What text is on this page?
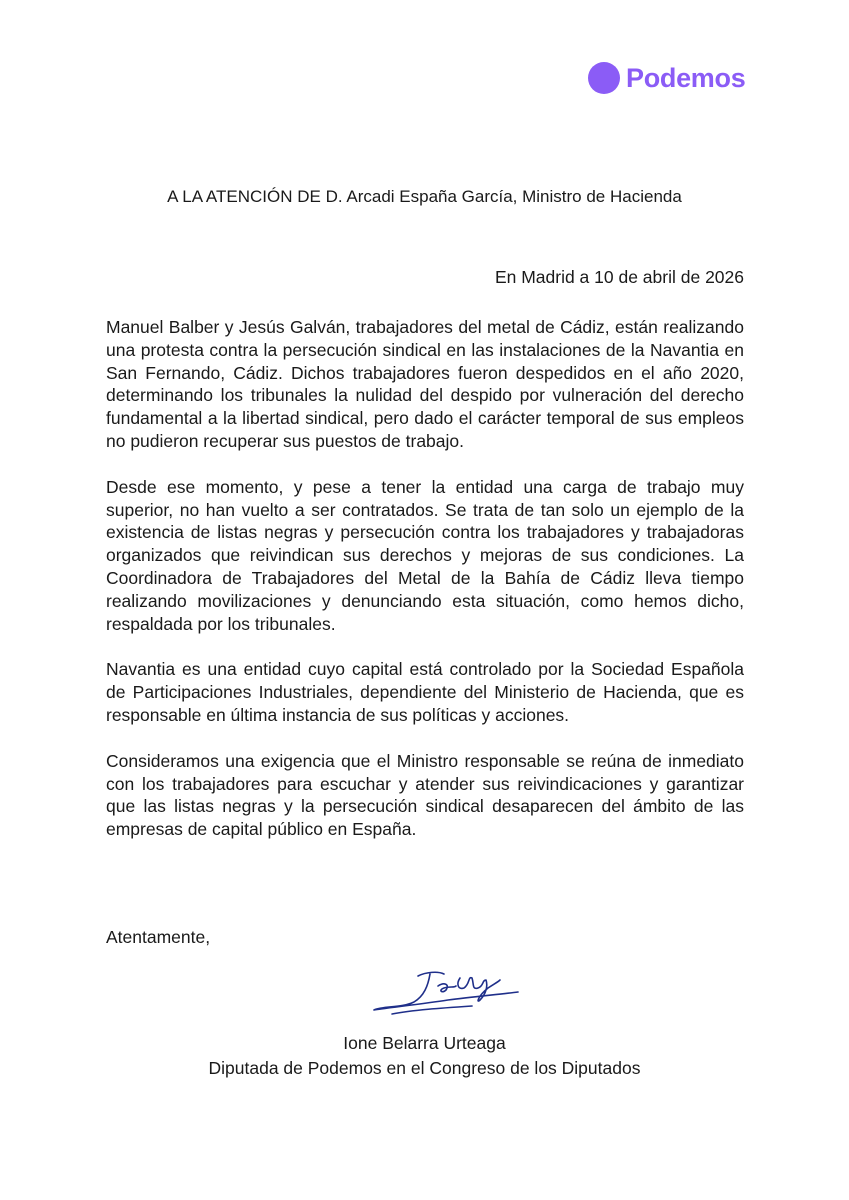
Podemos
A LA ATENCIÓN DE D. Arcadi España García, Ministro de Hacienda
En Madrid a 10 de abril de 2026

Manuel Balber y Jesús Galván, trabajadores del metal de Cádiz, están realizando una protesta contra la persecución sindical en las instalaciones de la Navantia en San Fernando, Cádiz. Dichos trabajadores fueron despedidos en el año 2020, determinando los tribunales la nulidad del despido por vulneración del derecho fundamental a la libertad sindical, pero dado el carácter temporal de sus empleos no pudieron recuperar sus puestos de trabajo.

Desde ese momento, y pese a tener la entidad una carga de trabajo muy superior, no han vuelto a ser contratados. Se trata de tan solo un ejemplo de la existencia de listas negras y persecución contra los trabajadores y trabajadoras organizados que reivindican sus derechos y mejoras de sus condiciones. La Coordinadora de Trabajadores del Metal de la Bahía de Cádiz lleva tiempo realizando movilizaciones y denunciando esta situación, como hemos dicho, respaldada por los tribunales.

Navantia es una entidad cuyo capital está controlado por la Sociedad Española de Participaciones Industriales, dependiente del Ministerio de Hacienda, que es responsable en última instancia de sus políticas y acciones.

Consideramos una exigencia que el Ministro responsable se reúna de inmediato con los trabajadores para escuchar y atender sus reivindicaciones y garantizar que las listas negras y la persecución sindical desaparecen del ámbito de las empresas de capital público en España.

Atentamente,
Ione Belarra Urteaga
Diputada de Podemos en el Congreso de los Diputados
